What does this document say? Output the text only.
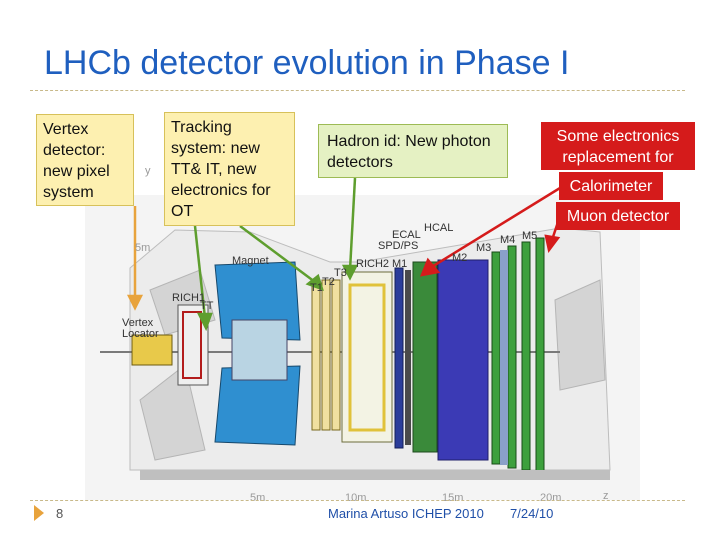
LHCb detector evolution in Phase I
y
5m
Magnet
RICH1
Vertex Locator
TT
T1 T2
T3
RICH2
SPD/PS
ECAL
HCAL
M1	M2
M3
M4 M5
5m	10m	15m	20m	z
Vertex detector: new pixel system
Tracking system: new TT& IT, new electronics for OT
Hadron id: New photon detectors
Some electronics replacement for
Calorimeter
Muon detector
8	Marina Artuso ICHEP 2010 7/24/10
